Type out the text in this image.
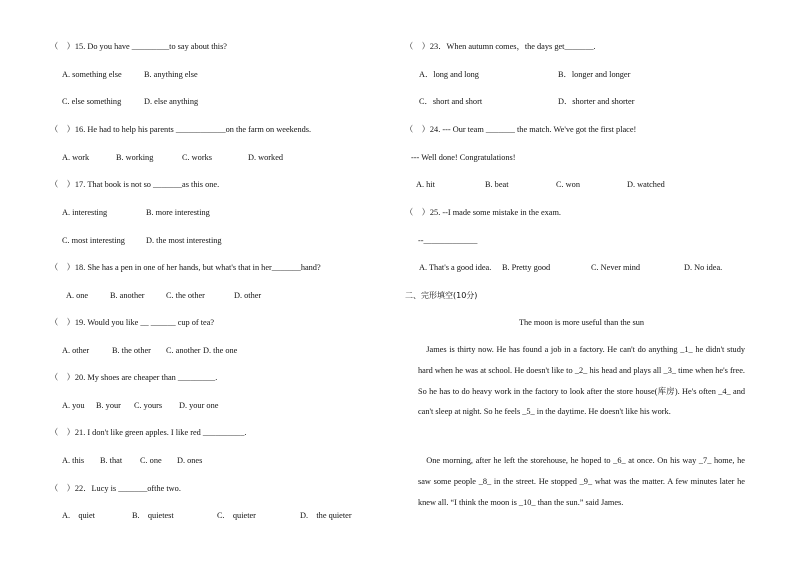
（　）15. Do you have _________to say about this?
A. something else	B. anything else
C. else something	D. else anything
（　）16. He had to help his parents ____________on the farm on weekends.
A. work	B. working	C. works	D. worked
（　）17. That book is not so _______as this one.
A. interesting	B. more interesting
C. most interesting	D. the most interesting
（　）18. She has a pen in one of her hands, but what's that in her_______hand?
A. one	B. another	C. the other	D. other
（　）19. Would you like __ ______ cup of tea?
A. other	B. the other C. another D. the one
（　）20. My shoes are cheaper than _________.
A. you B. your C. yours D. your one
（　）21. I don't like green apples. I like red __________.
A. this B. that C. one D. ones
（　）22．Lucy is _______ofthe two.
A.　quiet	B.　quietest	C.　quieter	D.　the quieter
（　）23．When autumn comes，the days get_______.
A．long and long	B．longer and longer
C．short and short	D．shorter and shorter
（　）24. --- Our team _______ the match. We've got the first place!
--- Well done! Congratulations!
A. hit	B. beat	C. won	D. watched
（　）25. --I made some mistake in the exam.
--_____________
A. That's a good idea. B. Pretty good	C. Never mind	D. No idea.
二、完形填空(10分)
The moon is more useful than the sun
James is thirty now. He has found a job in a factory. He can't do anything _1_ he didn't study hard when he was at school. He doesn't like to _2_ his head and plays all _3_ time when he's free. So he has to do heavy work in the factory to look after the store house(库房). He's often _4_ and can't sleep at night. So he feels _5_ in the daytime. He doesn't like his work.
One morning, after he left the storehouse, he hoped to _6_ at once. On his way _7_ home, he saw some people _8_ in the street. He stopped _9_ what was the matter. A few minutes later he knew all. “I think the moon is _10_ than the sun.” said James.
